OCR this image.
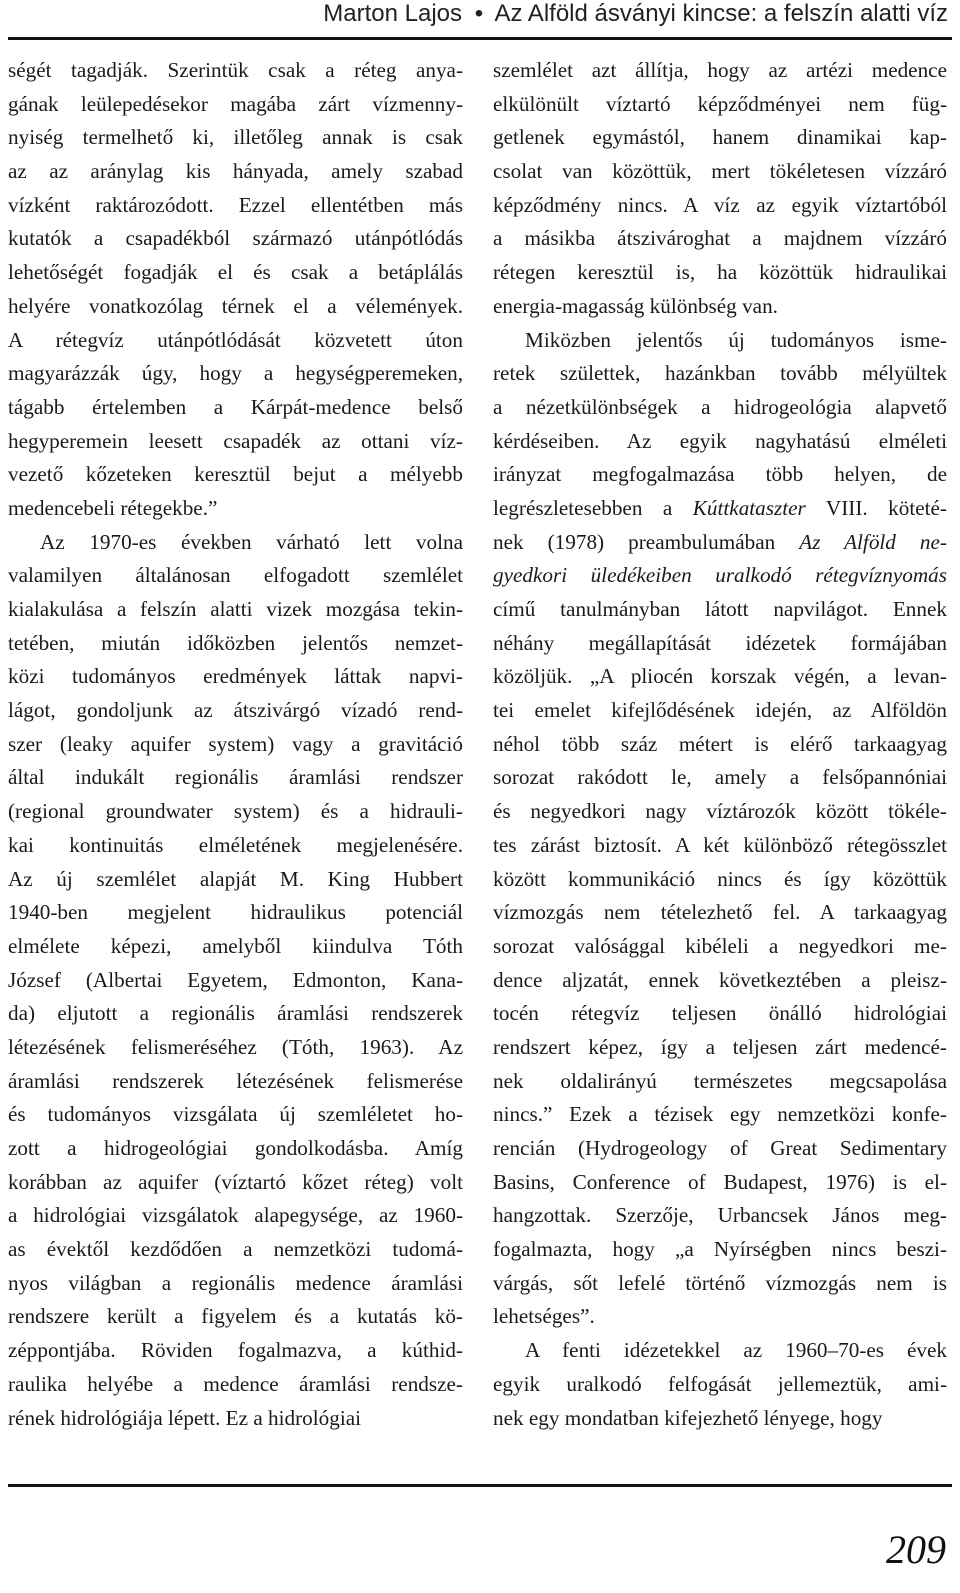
Marton Lajos • Az Alföld ásványi kincse: a felszín alatti víz
ségét tagadják. Szerintük csak a réteg anya-
gának leülepedésekor magába zárt vízmenny-
nyiség termelhető ki, illetőleg annak is csak
az az aránylag kis hányada, amely szabad
vízként raktározódott. Ezzel ellentétben más
kutatók a csapadékból származó utánpótlódás
lehetőségét fogadják el és csak a betáplálás
helyére vonatkozólag térnek el a vélemények.
A rétegvíz utánpótlódását közvetett úton
magyarázzák úgy, hogy a hegységperemeken,
tágabb értelemben a Kárpát-medence belső
hegyperemein leesett csapadék az ottani víz-
vezető kőzeteken keresztül bejut a mélyebb
medencebeli rétegekbe.”
Az 1970-es években várható lett volna
valamilyen általánosan elfogadott szemlélet
kialakulása a felszín alatti vizek mozgása tekin-
tetében, miután időközben jelentős nemzet-
közi tudományos eredmények láttak napvi-
lágot, gondoljunk az átszivárgó vízadó rend-
szer (leaky aquifer system) vagy a gravitáció
által indukált regionális áramlási rendszer
(regional groundwater system) és a hidrauli-
kai kontinuitás elméletének megjelenésére.
Az új szemlélet alapját M. King Hubbert
1940-ben megjelent hidraulikus potenciál
elmélete képezi, amelyből kiindulva Tóth
József (Albertai Egyetem, Edmonton, Kana-
da) eljutott a regionális áramlási rendszerek
létezésének felismeréséhez (Tóth, 1963). Az
áramlási rendszerek létezésének felismerése
és tudományos vizsgálata új szemléletet ho-
zott a hidrogeológiai gondolkodásba. Amíg
korábban az aquifer (víztartó kőzet réteg) volt
a hidrológiai vizsgálatok alapegysége, az 1960-
as évektől kezdődően a nemzetközi tudomá-
nyos világban a regionális medence áramlási
rendszere került a figyelem és a kutatás kö-
zéppontjába. Röviden fogalmazva, a kúthid-
raulika helyébe a medence áramlási rendsze-
rének hidrológiája lépett. Ez a hidrológiai
szemlélet azt állítja, hogy az artézi medence
elkülönült víztartó képződményei nem füg-
getlenek egymástól, hanem dinamikai kap-
csolat van közöttük, mert tökéletesen vízzáró
képződmény nincs. A víz az egyik víztartóból
a másikba átszivároghat a majdnem vízzáró
rétegen keresztül is, ha közöttük hidraulikai
energia-magasság különbség van.
Miközben jelentős új tudományos isme-
retek születtek, hazánkban tovább mélyültek
a nézetkülönbségek a hidrogeológia alapvető
kérdéseiben. Az egyik nagyhatású elméleti
irányzat megfogalmazása több helyen, de
legrészletesebben a Kúttkataszter VIII. köteté-
nek (1978) preambulumában Az Alföld ne-
gyedkori üledékeiben uralkodó rétegvíznyomás
című tanulmányban látott napvilágot. Ennek
néhány megállapítását idézetek formájában
közöljük. „A pliocén korszak végén, a levan-
tei emelet kifejlődésének idején, az Alföldön
néhol több száz métert is elérő tarkaagyag
sorozat rakódott le, amely a felsőpannóniai
és negyedkori nagy víztározók között tökéle-
tes zárást biztosít. A két különböző rétegösszlet
között kommunikáció nincs és így közöttük
vízmozgás nem tételezhető fel. A tarkaagyag
sorozat valósággal kibéleli a negyedkori me-
dence aljzatát, ennek következtében a pleisz-
tocén rétegvíz teljesen önálló hidrológiai
rendszert képez, így a teljesen zárt medencé-
nek oldalirányú természetes megcsapolása
nincs.” Ezek a tézisek egy nemzetközi konfe-
rencián (Hydrogeology of Great Sedimentary
Basins, Conference of Budapest, 1976) is el-
hangzottak. Szerzője, Urbancsek János meg-
fogalmazta, hogy „a Nyírségben nincs beszi-
várgás, sőt lefelé történő vízmozgás nem is
lehetséges”.
A fenti idézetekkel az 1960–70-es évek
egyik uralkodó felfogását jellemeztük, ami-
nek egy mondatban kifejezhető lényege, hogy
209
